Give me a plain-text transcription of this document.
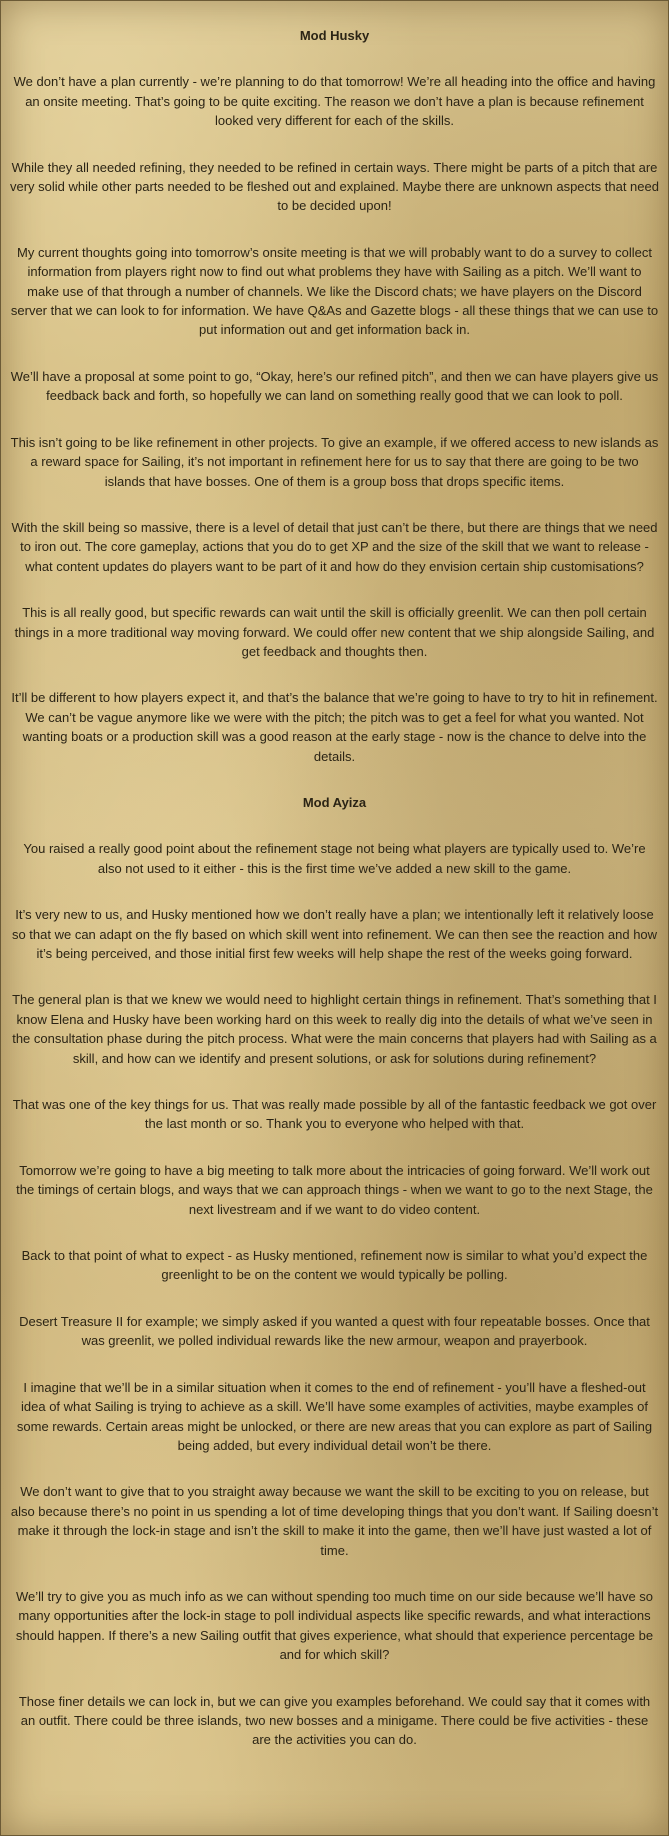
Mod Husky
We don’t have a plan currently - we’re planning to do that tomorrow! We’re all heading into the office and having an onsite meeting. That’s going to be quite exciting. The reason we don’t have a plan is because refinement looked very different for each of the skills.
While they all needed refining, they needed to be refined in certain ways. There might be parts of a pitch that are very solid while other parts needed to be fleshed out and explained. Maybe there are unknown aspects that need to be decided upon!
My current thoughts going into tomorrow’s onsite meeting is that we will probably want to do a survey to collect information from players right now to find out what problems they have with Sailing as a pitch. We’ll want to make use of that through a number of channels. We like the Discord chats; we have players on the Discord server that we can look to for information. We have Q&As and Gazette blogs - all these things that we can use to put information out and get information back in.
We’ll have a proposal at some point to go, “Okay, here’s our refined pitch”, and then we can have players give us feedback back and forth, so hopefully we can land on something really good that we can look to poll.
This isn’t going to be like refinement in other projects. To give an example, if we offered access to new islands as a reward space for Sailing, it’s not important in refinement here for us to say that there are going to be two islands that have bosses. One of them is a group boss that drops specific items.
With the skill being so massive, there is a level of detail that just can’t be there, but there are things that we need to iron out. The core gameplay, actions that you do to get XP and the size of the skill that we want to release - what content updates do players want to be part of it and how do they envision certain ship customisations?
This is all really good, but specific rewards can wait until the skill is officially greenlit. We can then poll certain things in a more traditional way moving forward. We could offer new content that we ship alongside Sailing, and get feedback and thoughts then.
It’ll be different to how players expect it, and that’s the balance that we’re going to have to try to hit in refinement. We can’t be vague anymore like we were with the pitch; the pitch was to get a feel for what you wanted. Not wanting boats or a production skill was a good reason at the early stage - now is the chance to delve into the details.
Mod Ayiza
You raised a really good point about the refinement stage not being what players are typically used to. We’re also not used to it either - this is the first time we’ve added a new skill to the game.
It’s very new to us, and Husky mentioned how we don’t really have a plan; we intentionally left it relatively loose so that we can adapt on the fly based on which skill went into refinement. We can then see the reaction and how it’s being perceived, and those initial first few weeks will help shape the rest of the weeks going forward.
The general plan is that we knew we would need to highlight certain things in refinement. That’s something that I know Elena and Husky have been working hard on this week to really dig into the details of what we’ve seen in the consultation phase during the pitch process. What were the main concerns that players had with Sailing as a skill, and how can we identify and present solutions, or ask for solutions during refinement?
That was one of the key things for us. That was really made possible by all of the fantastic feedback we got over the last month or so. Thank you to everyone who helped with that.
Tomorrow we’re going to have a big meeting to talk more about the intricacies of going forward. We’ll work out the timings of certain blogs, and ways that we can approach things - when we want to go to the next Stage, the next livestream and if we want to do video content.
Back to that point of what to expect - as Husky mentioned, refinement now is similar to what you’d expect the greenlight to be on the content we would typically be polling.
Desert Treasure II for example; we simply asked if you wanted a quest with four repeatable bosses. Once that was greenlit, we polled individual rewards like the new armour, weapon and prayerbook.
I imagine that we’ll be in a similar situation when it comes to the end of refinement - you’ll have a fleshed-out idea of what Sailing is trying to achieve as a skill. We’ll have some examples of activities, maybe examples of some rewards. Certain areas might be unlocked, or there are new areas that you can explore as part of Sailing being added, but every individual detail won’t be there.
We don’t want to give that to you straight away because we want the skill to be exciting to you on release, but also because there’s no point in us spending a lot of time developing things that you don’t want. If Sailing doesn’t make it through the lock-in stage and isn’t the skill to make it into the game, then we’ll have just wasted a lot of time.
We’ll try to give you as much info as we can without spending too much time on our side because we’ll have so many opportunities after the lock-in stage to poll individual aspects like specific rewards, and what interactions should happen. If there’s a new Sailing outfit that gives experience, what should that experience percentage be and for which skill?
Those finer details we can lock in, but we can give you examples beforehand. We could say that it comes with an outfit. There could be three islands, two new bosses and a minigame. There could be five activities - these are the activities you can do.
